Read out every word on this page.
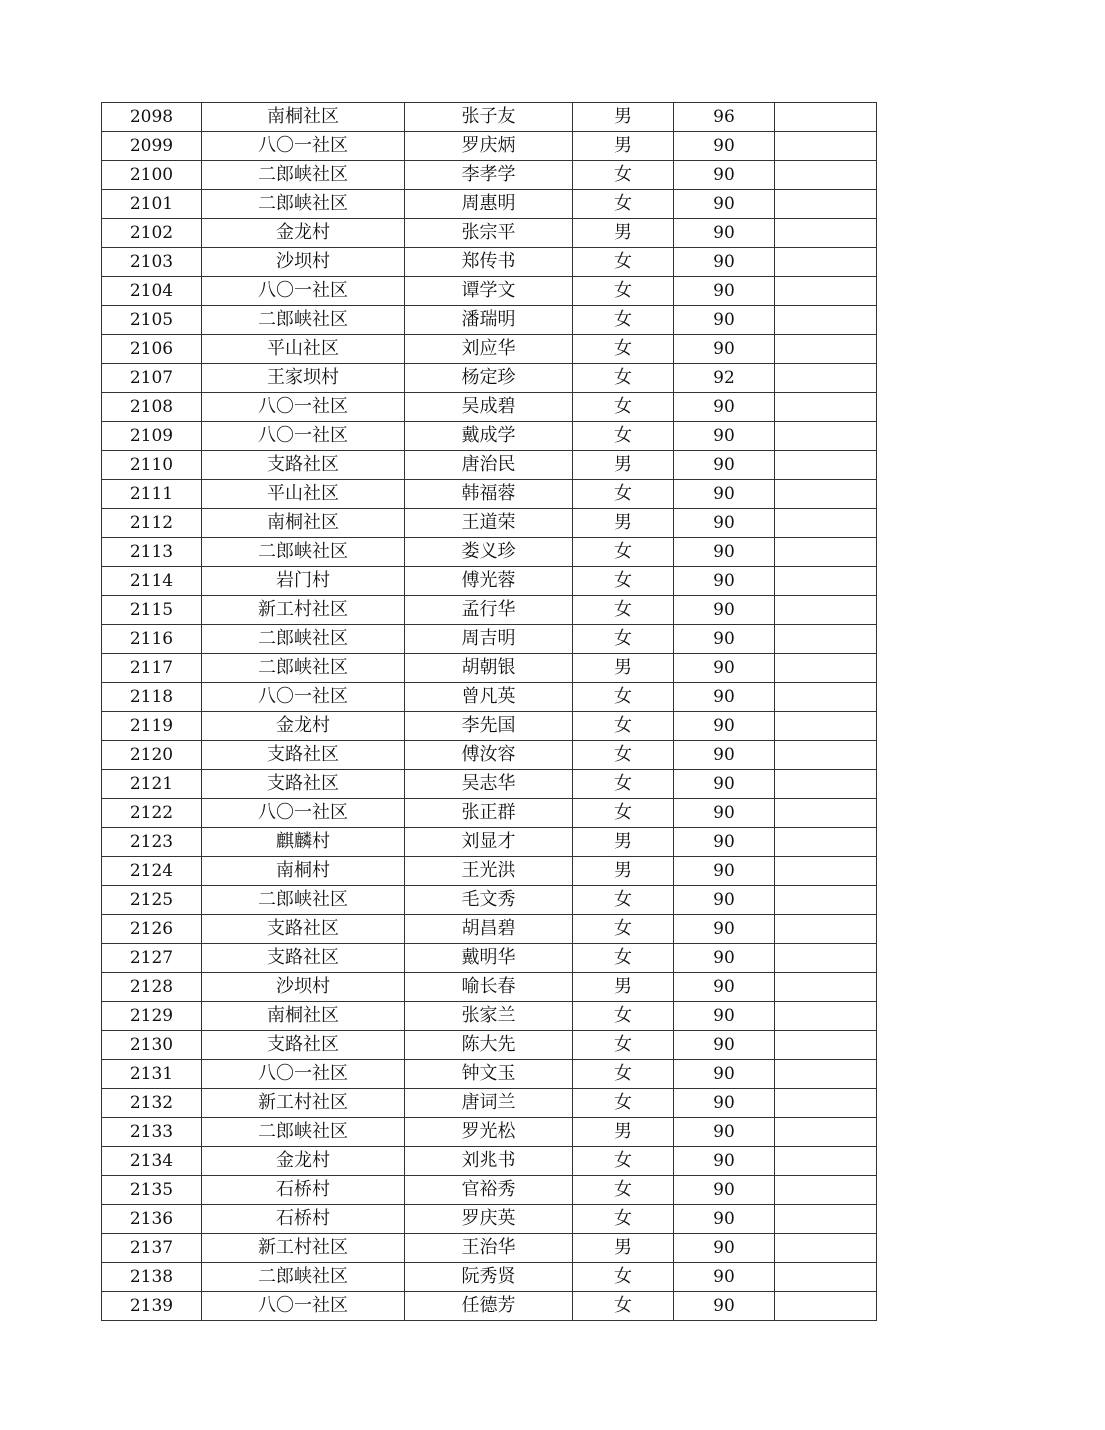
2098	南桐社区	张子友	男	96	
2099	八〇一社区	罗庆炳	男	90	
2100	二郎峡社区	李孝学	女	90	
2101	二郎峡社区	周惠明	女	90	
2102	金龙村	张宗平	男	90	
2103	沙坝村	郑传书	女	90	
2104	八〇一社区	谭学文	女	90	
2105	二郎峡社区	潘瑞明	女	90	
2106	平山社区	刘应华	女	90	
2107	王家坝村	杨定珍	女	92	
2108	八〇一社区	吴成碧	女	90	
2109	八〇一社区	戴成学	女	90	
2110	支路社区	唐治民	男	90	
2111	平山社区	韩福蓉	女	90	
2112	南桐社区	王道荣	男	90	
2113	二郎峡社区	娄义珍	女	90	
2114	岩门村	傅光蓉	女	90	
2115	新工村社区	孟行华	女	90	
2116	二郎峡社区	周吉明	女	90	
2117	二郎峡社区	胡朝银	男	90	
2118	八〇一社区	曾凡英	女	90	
2119	金龙村	李先国	女	90	
2120	支路社区	傅汝容	女	90	
2121	支路社区	吴志华	女	90	
2122	八〇一社区	张正群	女	90	
2123	麒麟村	刘显才	男	90	
2124	南桐村	王光洪	男	90	
2125	二郎峡社区	毛文秀	女	90	
2126	支路社区	胡昌碧	女	90	
2127	支路社区	戴明华	女	90	
2128	沙坝村	喻长春	男	90	
2129	南桐社区	张家兰	女	90	
2130	支路社区	陈大先	女	90	
2131	八〇一社区	钟文玉	女	90	
2132	新工村社区	唐词兰	女	90	
2133	二郎峡社区	罗光松	男	90	
2134	金龙村	刘兆书	女	90	
2135	石桥村	官裕秀	女	90	
2136	石桥村	罗庆英	女	90	
2137	新工村社区	王治华	男	90	
2138	二郎峡社区	阮秀贤	女	90	
2139	八〇一社区	任德芳	女	90	
